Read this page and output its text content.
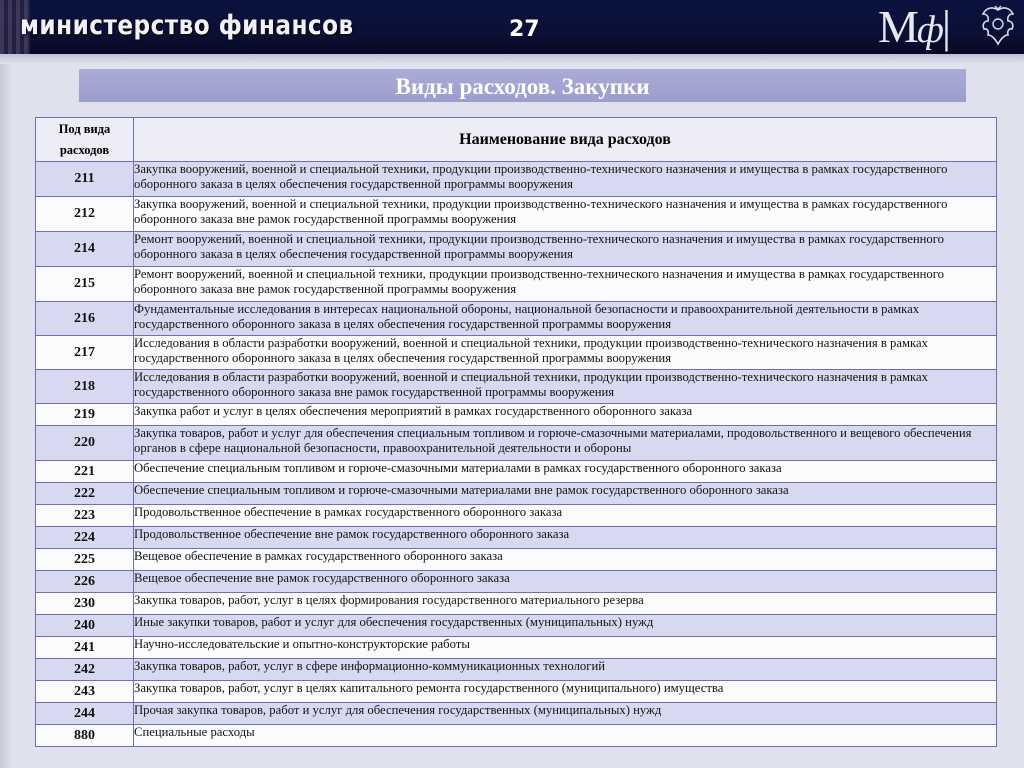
министерство финансов	27	Мф|
Виды расходов. Закупки
Под вида расходов	Наименование вида расходов
211	Закупка вооружений, военной и специальной техники, продукции производственно-технического назначения и имущества в рамках государственного оборонного заказа в целях обеспечения государственной программы вооружения
212	Закупка вооружений, военной и специальной техники, продукции производственно-технического назначения и имущества в рамках государственного оборонного заказа вне рамок государственной программы вооружения
214	Ремонт вооружений, военной и специальной техники, продукции производственно-технического назначения и имущества в рамках государственного оборонного заказа в целях обеспечения государственной программы вооружения
215	Ремонт вооружений, военной и специальной техники, продукции производственно-технического назначения и имущества в рамках государственного оборонного заказа вне рамок государственной программы вооружения
216	Фундаментальные исследования в интересах национальной обороны, национальной безопасности и правоохранительной деятельности в рамках государственного оборонного заказа в целях обеспечения государственной программы вооружения
217	Исследования в области разработки вооружений, военной и специальной техники, продукции производственно-технического назначения в рамках государственного оборонного заказа в целях обеспечения государственной программы вооружения
218	Исследования в области разработки вооружений, военной и специальной техники, продукции производственно-технического назначения в рамках государственного оборонного заказа вне рамок государственной программы вооружения
219	Закупка работ и услуг в целях обеспечения мероприятий в рамках государственного оборонного заказа
220	Закупка товаров, работ и услуг для обеспечения специальным топливом и горюче-смазочными материалами, продовольственного и вещевого обеспечения органов в сфере национальной безопасности, правоохранительной деятельности и обороны
221	Обеспечение специальным топливом и горюче-смазочными материалами в рамках государственного оборонного заказа
222	Обеспечение специальным топливом и горюче-смазочными материалами вне рамок государственного оборонного заказа
223	Продовольственное обеспечение в рамках государственного оборонного заказа
224	Продовольственное обеспечение вне рамок государственного оборонного заказа
225	Вещевое обеспечение в рамках государственного оборонного заказа
226	Вещевое обеспечение вне рамок государственного оборонного заказа
230	Закупка товаров, работ, услуг в целях формирования государственного материального резерва
240	Иные закупки товаров, работ и услуг для обеспечения государственных (муниципальных) нужд
241	Научно-исследовательские и опытно-конструкторские работы
242	Закупка товаров, работ, услуг в сфере информационно-коммуникационных технологий
243	Закупка товаров, работ, услуг в целях капитального ремонта государственного (муниципального) имущества
244	Прочая закупка товаров, работ и услуг для обеспечения государственных (муниципальных) нужд
880	Специальные расходы
